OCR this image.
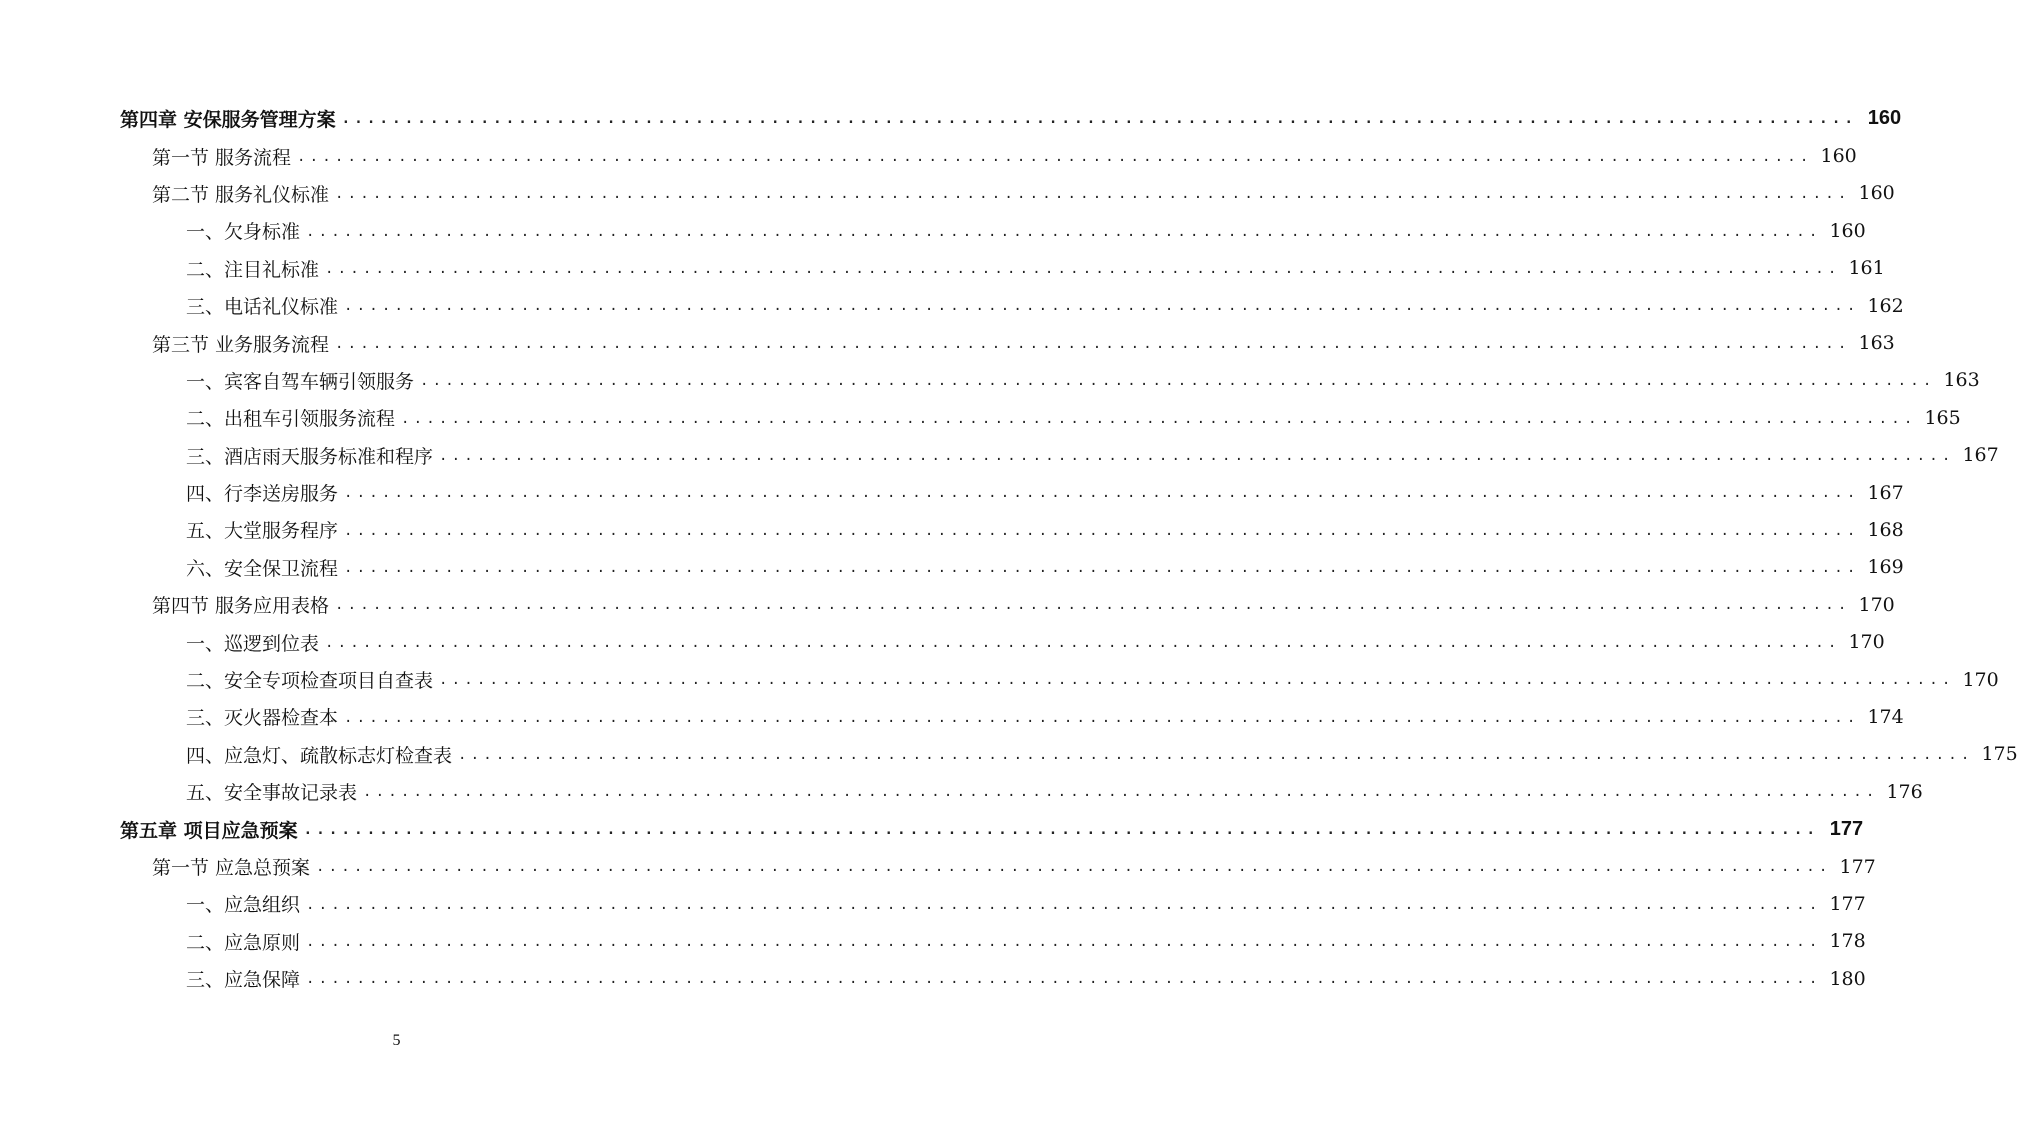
第四章 安保服务管理方案 ........................................................................................................................ 160
第一节 服务流程 ........................................................................................................................ 160
第二节 服务礼仪标准 ........................................................................................................................ 160
一、欠身标准 ........................................................................................................................ 160
二、注目礼标准 ........................................................................................................................ 161
三、电话礼仪标准 ........................................................................................................................ 162
第三节 业务服务流程 ........................................................................................................................ 163
一、宾客自驾车辆引领服务 ........................................................................................................................ 163
二、出租车引领服务流程 ........................................................................................................................ 165
三、酒店雨天服务标准和程序 ........................................................................................................................ 167
四、行李送房服务 ........................................................................................................................ 167
五、大堂服务程序 ........................................................................................................................ 168
六、安全保卫流程 ........................................................................................................................ 169
第四节 服务应用表格 ........................................................................................................................ 170
一、巡逻到位表 ........................................................................................................................ 170
二、安全专项检查项目自查表 ........................................................................................................................ 170
三、灭火器检查本 ........................................................................................................................ 174
四、应急灯、疏散标志灯检查表 ........................................................................................................................ 175
五、安全事故记录表 ........................................................................................................................ 176
第五章 项目应急预案 ........................................................................................................................ 177
第一节 应急总预案 ........................................................................................................................ 177
一、应急组织 ........................................................................................................................ 177
二、应急原则 ........................................................................................................................ 178
三、应急保障 ........................................................................................................................ 180
5
